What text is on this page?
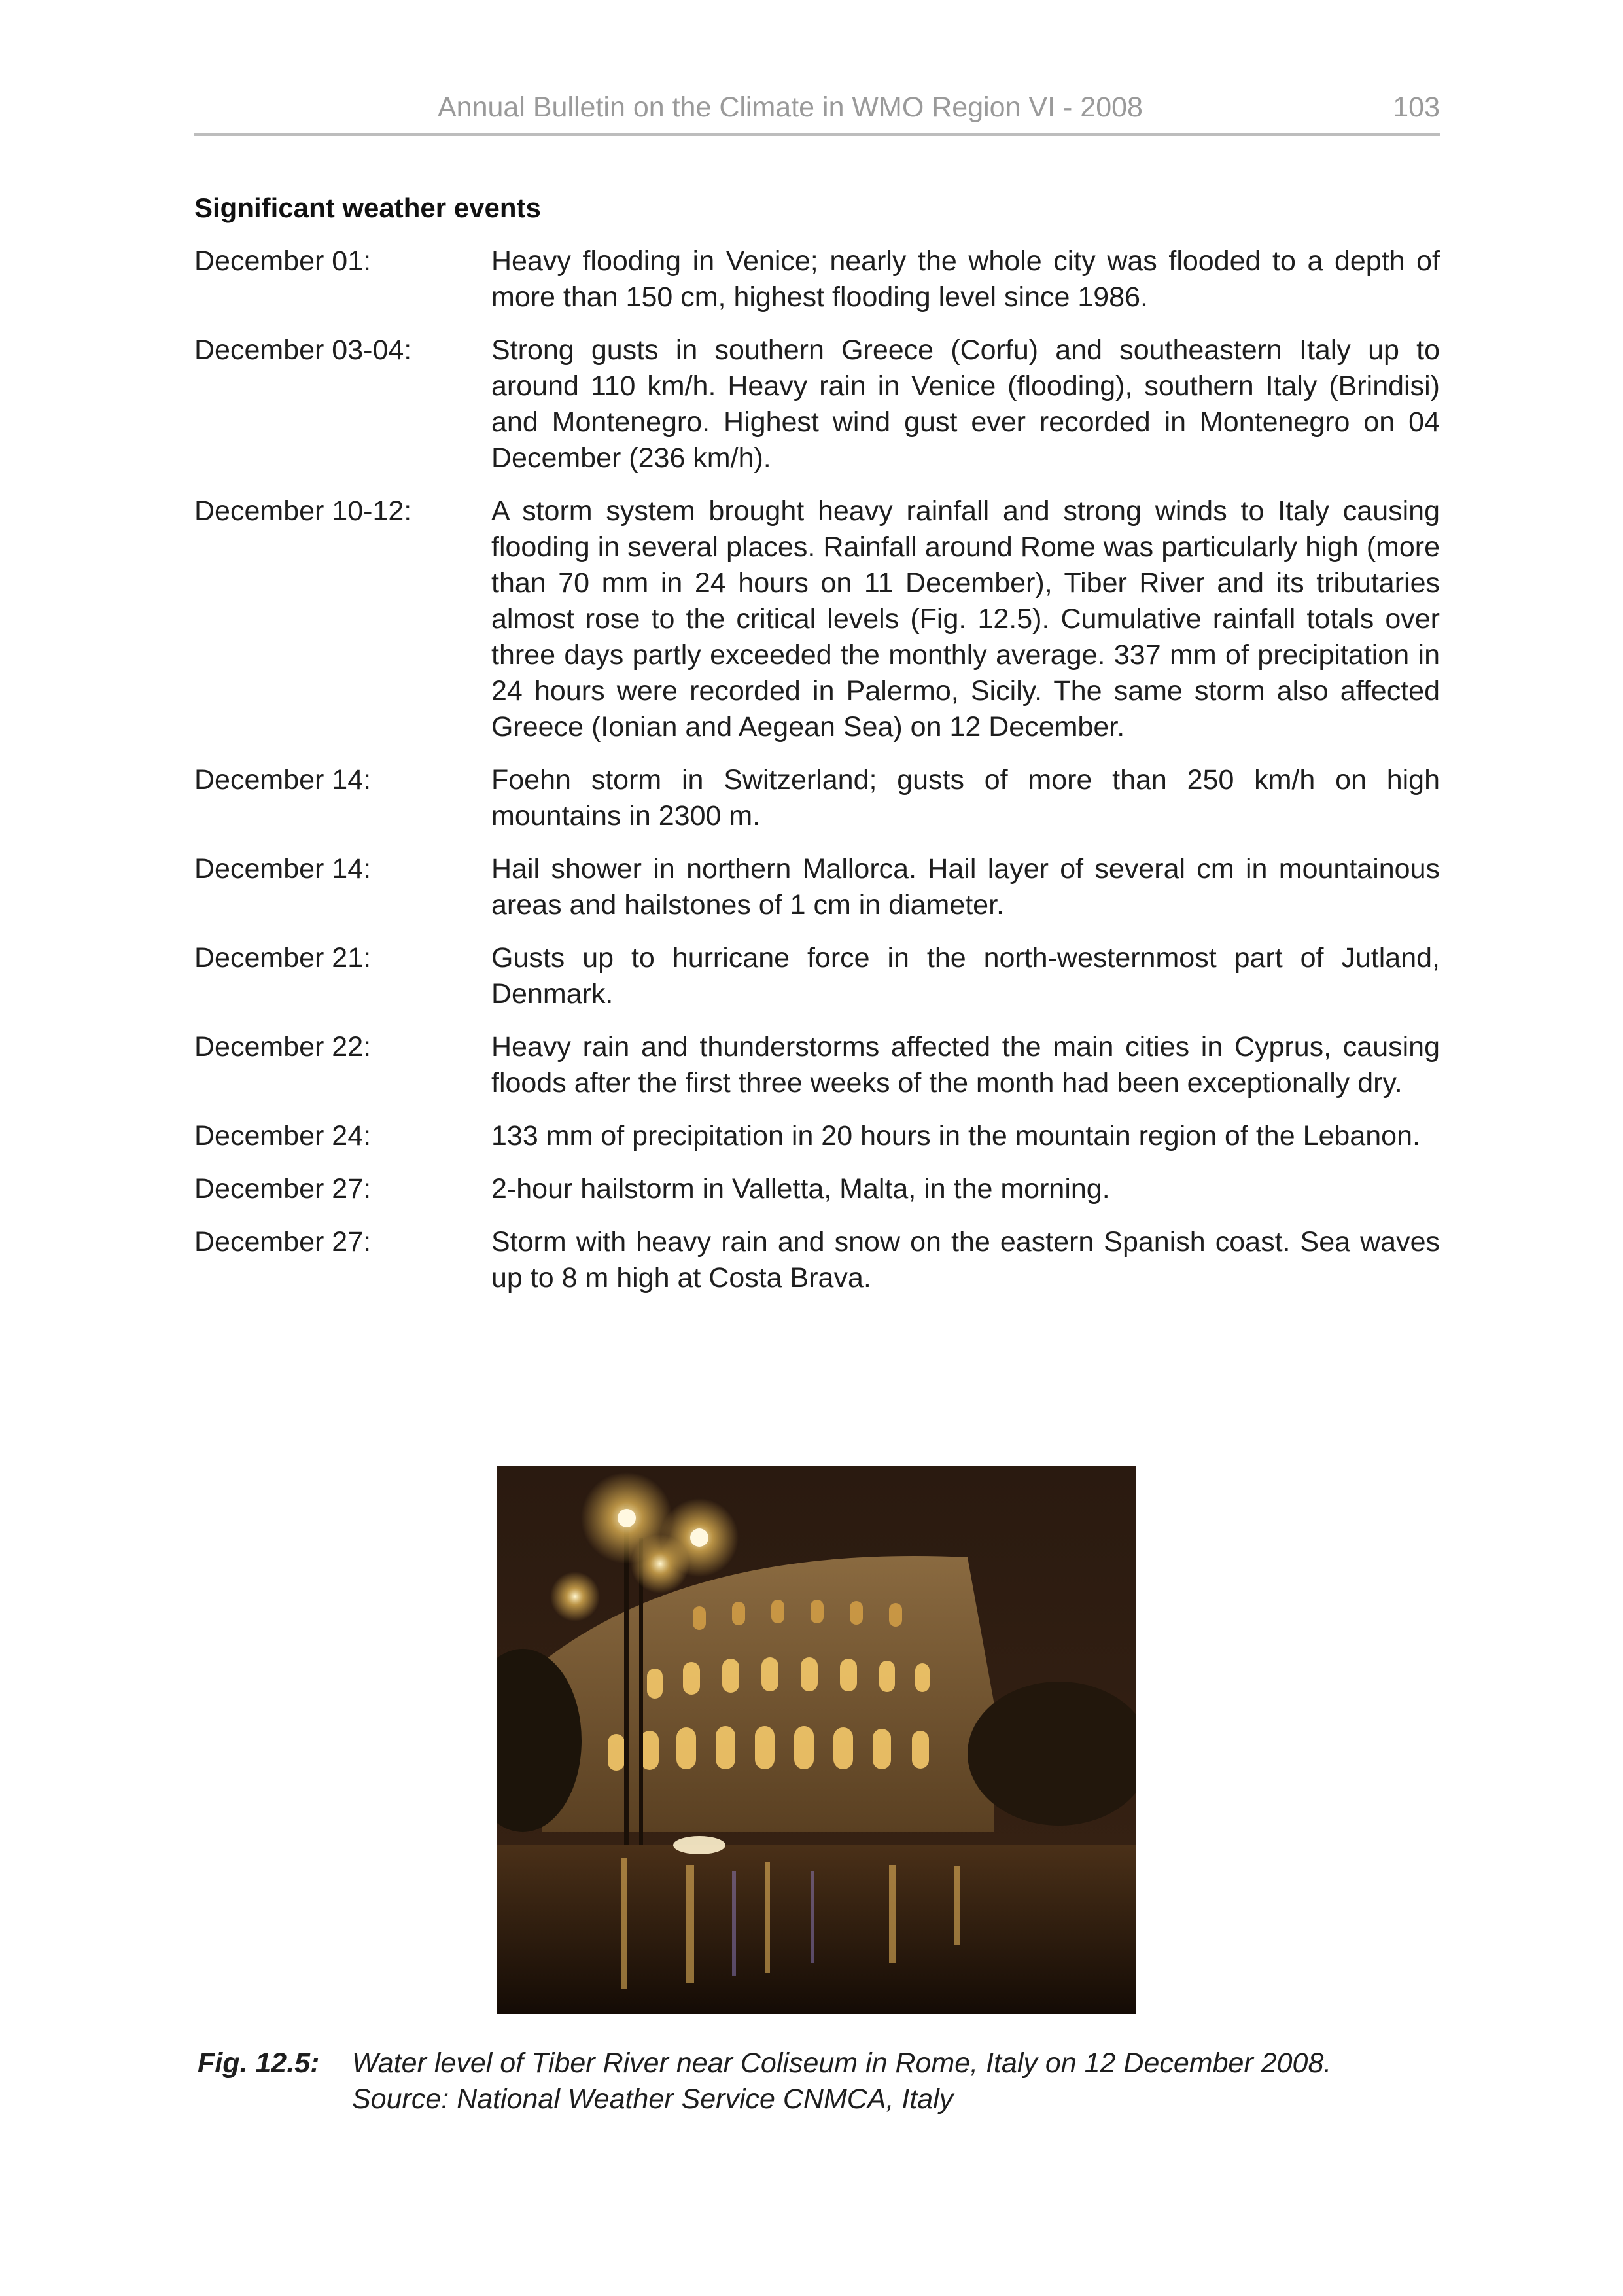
Annual Bulletin on the Climate in WMO Region VI - 2008	103
Significant weather events
December 01:	Heavy flooding in Venice; nearly the whole city was flooded to a depth of more than 150 cm, highest flooding level since 1986.
December 03-04:	Strong gusts in southern Greece (Corfu) and southeastern Italy up to around 110 km/h. Heavy rain in Venice (flooding), southern Italy (Brindisi) and Montenegro. Highest wind gust ever recorded in Montenegro on 04 December (236 km/h).
December 10-12:	A storm system brought heavy rainfall and strong winds to Italy causing flooding in several places. Rainfall around Rome was particularly high (more than 70 mm in 24 hours on 11 December), Tiber River and its tributaries almost rose to the critical levels (Fig. 12.5). Cumulative rainfall totals over three days partly exceeded the monthly average. 337 mm of precipitation in 24 hours were recorded in Palermo, Sicily. The same storm also affected Greece (Ionian and Aegean Sea) on 12 December.
December 14:	Foehn storm in Switzerland; gusts of more than 250 km/h on high mountains in 2300 m.
December 14:	Hail shower in northern Mallorca. Hail layer of several cm in mountainous areas and hailstones of 1 cm in diameter.
December 21:	Gusts up to hurricane force in the north-westernmost part of Jutland, Denmark.
December 22:	Heavy rain and thunderstorms affected the main cities in Cyprus, causing floods after the first three weeks of the month had been exceptionally dry.
December 24:	133 mm of precipitation in 20 hours in the mountain region of the Lebanon.
December 27:	2-hour hailstorm in Valletta, Malta, in the morning.
December 27:	Storm with heavy rain and snow on the eastern Spanish coast. Sea waves up to 8 m high at Costa Brava.
Fig. 12.5: Water level of Tiber River near Coliseum in Rome, Italy on 12 December 2008.
Source: National Weather Service CNMCA, Italy
